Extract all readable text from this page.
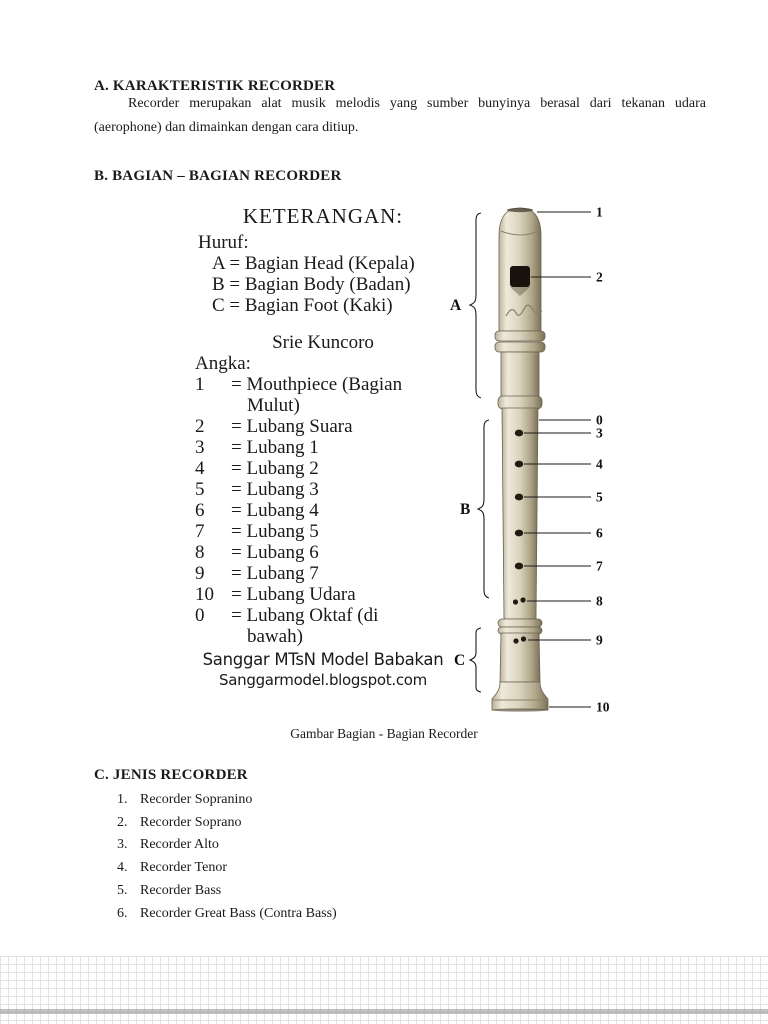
A. KARAKTERISTIK RECORDER

Recorder merupakan alat musik melodis yang sumber bunyinya berasal dari tekanan udara (aerophone) dan dimainkan dengan cara ditiup.

B. BAGIAN – BAGIAN RECORDER
KETERANGAN:
Huruf:
A = Bagian Head (Kepala)
B = Bagian Body (Badan)
C = Bagian Foot (Kaki)
Srie Kuncoro
Angka:
1	= Mouthpiece (Bagian Mulut)
2	= Lubang Suara
3	= Lubang 1
4	= Lubang 2
5	= Lubang 3
6	= Lubang 4
7	= Lubang 5
8	= Lubang 6
9	= Lubang 7
10 = Lubang Udara
0	= Lubang Oktaf (di bawah)
Sanggar MTsN Model Babakan
Sanggarmodel.blogspot.com
A
B
C
1
2
0
3
4
5
6
7
8
9
10
Gambar Bagian - Bagian Recorder
C. JENIS RECORDER
Recorder Sopranino
Recorder Soprano
Recorder Alto
Recorder Tenor
Recorder Bass
Recorder Great Bass (Contra Bass)
